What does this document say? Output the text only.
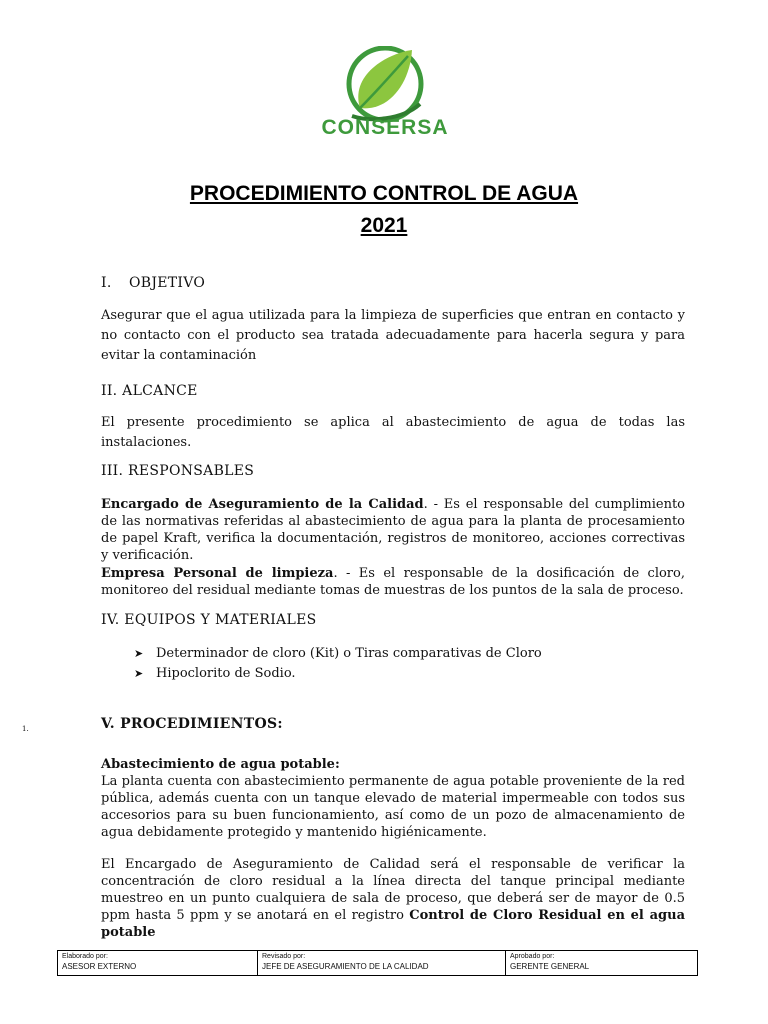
CONSERSA
PROCEDIMIENTO CONTROL DE AGUA
2021
I. OBJETIVO

Asegurar que el agua utilizada para la limpieza de superficies que entran en contacto y no contacto con el producto sea tratada adecuadamente para hacerla segura y para evitar la contaminación

II. ALCANCE

El presente procedimiento se aplica al abastecimiento de agua de todas las instalaciones.

III. RESPONSABLES

Encargado de Aseguramiento de la Calidad. - Es el responsable del cumplimiento de las normativas referidas al abastecimiento de agua para la planta de procesamiento de papel Kraft, verifica la documentación, registros de monitoreo, acciones correctivas y verificación.

Empresa Personal de limpieza. - Es el responsable de la dosificación de cloro, monitoreo del residual mediante tomas de muestras de los puntos de la sala de proceso.

IV. EQUIPOS Y MATERIALES
➤ Determinador de cloro (Kit) o Tiras comparativas de Cloro
➤ Hipoclorito de Sodio.
1.	V. PROCEDIMIENTOS:

Abastecimiento de agua potable:
La planta cuenta con abastecimiento permanente de agua potable proveniente de la red pública, además cuenta con un tanque elevado de material impermeable con todos sus accesorios para su buen funcionamiento, así como de un pozo de almacenamiento de agua debidamente protegido y mantenido higiénicamente.

El Encargado de Aseguramiento de Calidad será el responsable de verificar la concentración de cloro residual a la línea directa del tanque principal mediante muestreo en un punto cualquiera de sala de proceso, que deberá ser de mayor de 0.5 ppm hasta 5 ppm y se anotará en el registro Control de Cloro Residual en el agua potable

Elaborado por:
ASESOR EXTERNO
Revisado por:
JEFE DE ASEGURAMIENTO DE LA CALIDAD
Aprobado por:
GERENTE GENERAL
